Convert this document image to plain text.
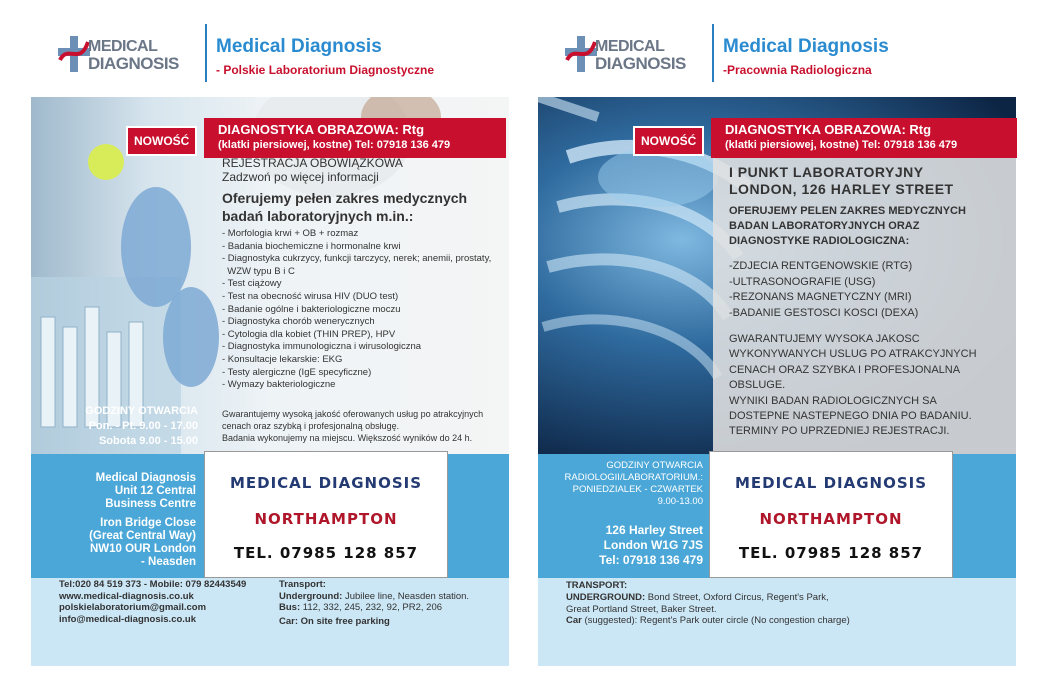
MEDICAL
DIAGNOSIS
Medical Diagnosis
- Polskie Laboratorium Diagnostyczne
NOWOŚĆ
DIAGNOSTYKA OBRAZOWA: Rtg
(klatki piersiowej, kostne) Tel: 07918 136 479
REJESTRACJA OBOWIĄZKOWA
Zadzwoń po więcej informacji
Oferujemy pełen zakres medycznych
badań laboratoryjnych m.in.:
- Morfologia krwi + OB + rozmaz
- Badania biochemiczne i hormonalne krwi
- Diagnostyka cukrzycy, funkcji tarczycy, nerek; anemii, prostaty,
WZW typu B i C
- Test ciążowy
- Test na obecność wirusa HIV (DUO test)
- Badanie ogólne i bakteriologiczne moczu
- Diagnostyka chorób wenerycznych
- Cytologia dla kobiet (THIN PREP), HPV
- Diagnostyka immunologiczna i wirusologiczna
- Konsultacje lekarskie: EKG
- Testy alergiczne (IgE specyficzne)
- Wymazy bakteriologiczne
Gwarantujemy wysoką jakość oferowanych usług po atrakcyjnych
cenach oraz szybką i profesjonalną obsługę.
Badania wykonujemy na miejscu. Większość wyników do 24 h.
GODZINY OTWARCIA
Pon. - Pt. 9.00 - 17.00
Sobota 9.00 - 15.00
Medical Diagnosis
Unit 12 Central
Business Centre
Iron Bridge Close
(Great Central Way)
NW10 OUR London
- Neasden
MEDICAL DIAGNOSIS
NORTHAMPTON
TEL. 07985 128 857
Tel:020 84 519 373 - Mobile: 079 82443549
www.medical-diagnosis.co.uk
polskielaboratorium@gmail.com
info@medical-diagnosis.co.uk
Transport:
Underground: Jubilee line, Neasden station.
Bus: 112, 332, 245, 232, 92, PR2, 206
Car: On site free parking
MEDICAL
DIAGNOSIS
Medical Diagnosis
-Pracownia Radiologiczna
NOWOŚĆ
DIAGNOSTYKA OBRAZOWA: Rtg
(klatki piersiowej, kostne) Tel: 07918 136 479
I PUNKT LABORATORYJNY
LONDON, 126 HARLEY STREET
OFERUJEMY PELEN ZAKRES MEDYCZNYCH
BADAN LABORATORYJNYCH ORAZ
DIAGNOSTYKE RADIOLOGICZNA:
-ZDJECIA RENTGENOWSKIE (RTG)
-ULTRASONOGRAFIE (USG)
-REZONANS MAGNETYCZNY (MRI)
-BADANIE GESTOSCI KOSCI (DEXA)
GWARANTUJEMY WYSOKA JAKOSC
WYKONYWANYCH USLUG PO ATRAKCYJNYCH
CENACH ORAZ SZYBKA I PROFESJONALNA
OBSLUGE.
WYNIKI BADAN RADIOLOGICZNYCH SA
DOSTEPNE NASTEPNEGO DNIA PO BADANIU.
TERMINY PO UPRZEDNIEJ REJESTRACJI.
GODZINY OTWARCIA
RADIOLOGII/LABORATORIUM.:
PONIEDZIALEK - CZWARTEK
9.00-13.00
126 Harley Street
London W1G 7JS
Tel: 07918 136 479
MEDICAL DIAGNOSIS
NORTHAMPTON
TEL. 07985 128 857
TRANSPORT:
UNDERGROUND: Bond Street, Oxford Circus, Regent's Park,
Great Portland Street, Baker Street.
Car (suggested): Regent's Park outer circle (No congestion charge)
